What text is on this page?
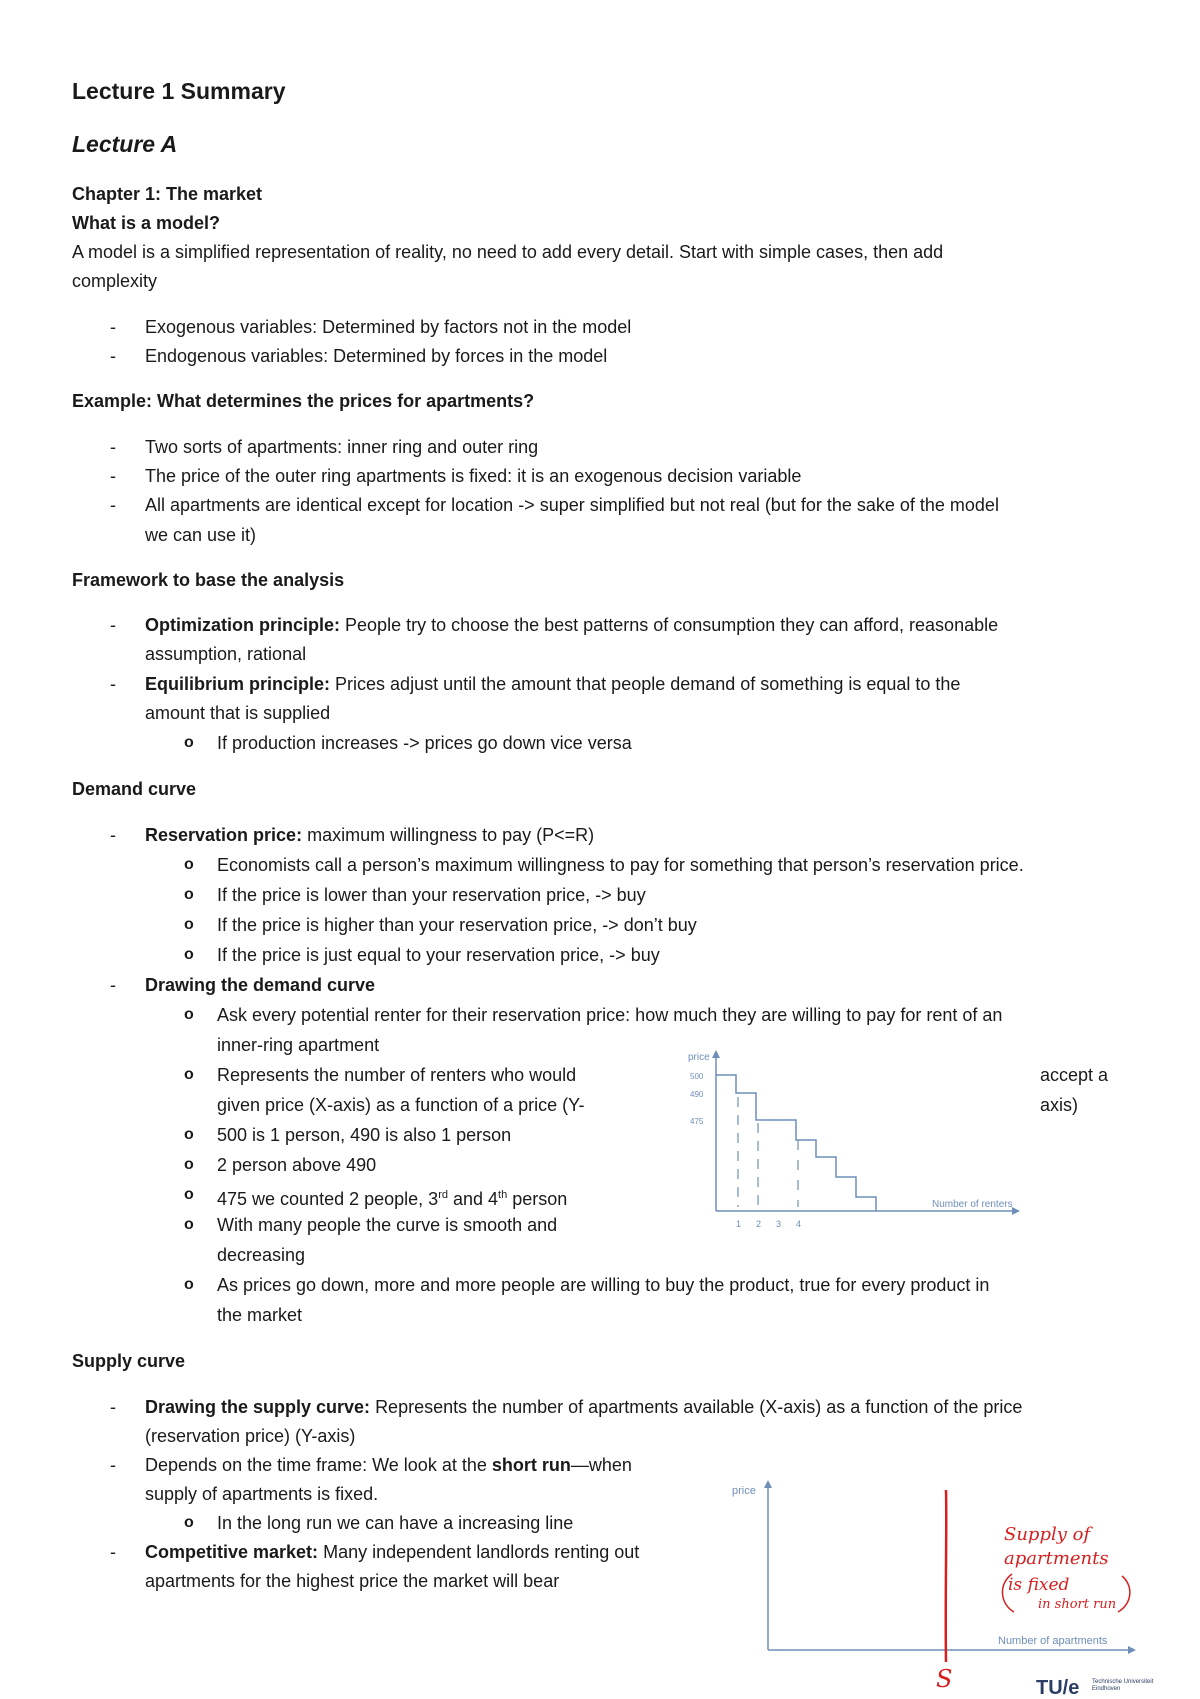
Lecture 1 Summary
Lecture A
Chapter 1: The market
What is a model?
A model is a simplified representation of reality, no need to add every detail. Start with simple cases, then add
complexity
-	Exogenous variables: Determined by factors not in the model
-	Endogenous variables: Determined by forces in the model
Example: What determines the prices for apartments?
-	Two sorts of apartments: inner ring and outer ring
-	The price of the outer ring apartments is fixed: it is an exogenous decision variable
-	All apartments are identical except for location -> super simplified but not real (but for the sake of the model
we can use it)
Framework to base the analysis
-	Optimization principle: People try to choose the best patterns of consumption they can afford, reasonable
assumption, rational
-	Equilibrium principle: Prices adjust until the amount that people demand of something is equal to the
amount that is supplied
o If production increases -> prices go down vice versa
Demand curve
-	Reservation price: maximum willingness to pay (P<=R)
o Economists call a person’s maximum willingness to pay for something that person’s reservation price.
o If the price is lower than your reservation price, -> buy
o If the price is higher than your reservation price, -> don’t buy
o If the price is just equal to your reservation price, -> buy
-	Drawing the demand curve
o Ask every potential renter for their reservation price: how much they are willing to pay for rent of an
inner-ring apartment
o Represents the number of renters who would	accept a
given price (X-axis) as a function of a price (Y-	axis)
o 500 is 1 person, 490 is also 1 person
o 2 person above 490
o 475 we counted 2 people, 3rd and 4th person
o With many people the curve is smooth and
decreasing
o As prices go down, more and more people are willing to buy the product, true for every product in
the market
price
Number of renters
500
490
475
1 2 3 4
Supply curve
-	Drawing the supply curve: Represents the number of apartments available (X-axis) as a function of the price
(reservation price) (Y-axis)
-	Depends on the time frame: We look at the short run—when
supply of apartments is fixed.
o In the long run we can have a increasing line
-	Competitive market: Many independent landlords renting out
apartments for the highest price the market will bear
price
Number of apartments
S
Supply of
apartments
is fixed
in short run
TU/e Technische Universiteit
Eindhoven
